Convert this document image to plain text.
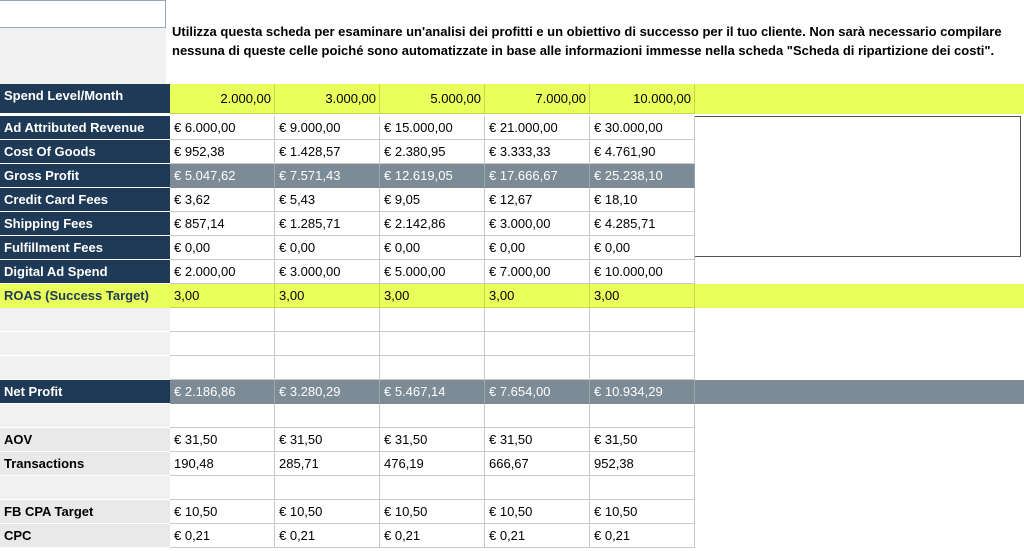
Utilizza questa scheda per esaminare un'analisi dei profitti e un obiettivo di successo per il tuo cliente. Non sarà necessario compilare nessuna di queste celle poiché sono automatizzate in base alle informazioni immesse nella scheda "Scheda di ripartizione dei costi".
Spend Level/Month	2.000,00	3.000,00	5.000,00	7.000,00	10.000,00
Ad Attributed Revenue	€ 6.000,00	€ 9.000,00	€ 15.000,00	€ 21.000,00	€ 30.000,00
Cost Of Goods	€ 952,38	€ 1.428,57	€ 2.380,95	€ 3.333,33	€ 4.761,90
Gross Profit	€ 5.047,62	€ 7.571,43	€ 12.619,05	€ 17.666,67	€ 25.238,10
Credit Card Fees	€ 3,62	€ 5,43	€ 9,05	€ 12,67	€ 18,10
Shipping Fees	€ 857,14	€ 1.285,71	€ 2.142,86	€ 3.000,00	€ 4.285,71
Fulfillment Fees	€ 0,00	€ 0,00	€ 0,00	€ 0,00	€ 0,00
Digital Ad Spend	€ 2.000,00	€ 3.000,00	€ 5.000,00	€ 7.000,00	€ 10.000,00
ROAS (Success Target)	3,00	3,00	3,00	3,00	3,00
Net Profit	€ 2.186,86	€ 3.280,29	€ 5.467,14	€ 7.654,00	€ 10.934,29
AOV	€ 31,50	€ 31,50	€ 31,50	€ 31,50	€ 31,50
Transactions	190,48	285,71	476,19	666,67	952,38
FB CPA Target	€ 10,50	€ 10,50	€ 10,50	€ 10,50	€ 10,50
CPC	€ 0,21	€ 0,21	€ 0,21	€ 0,21	€ 0,21
